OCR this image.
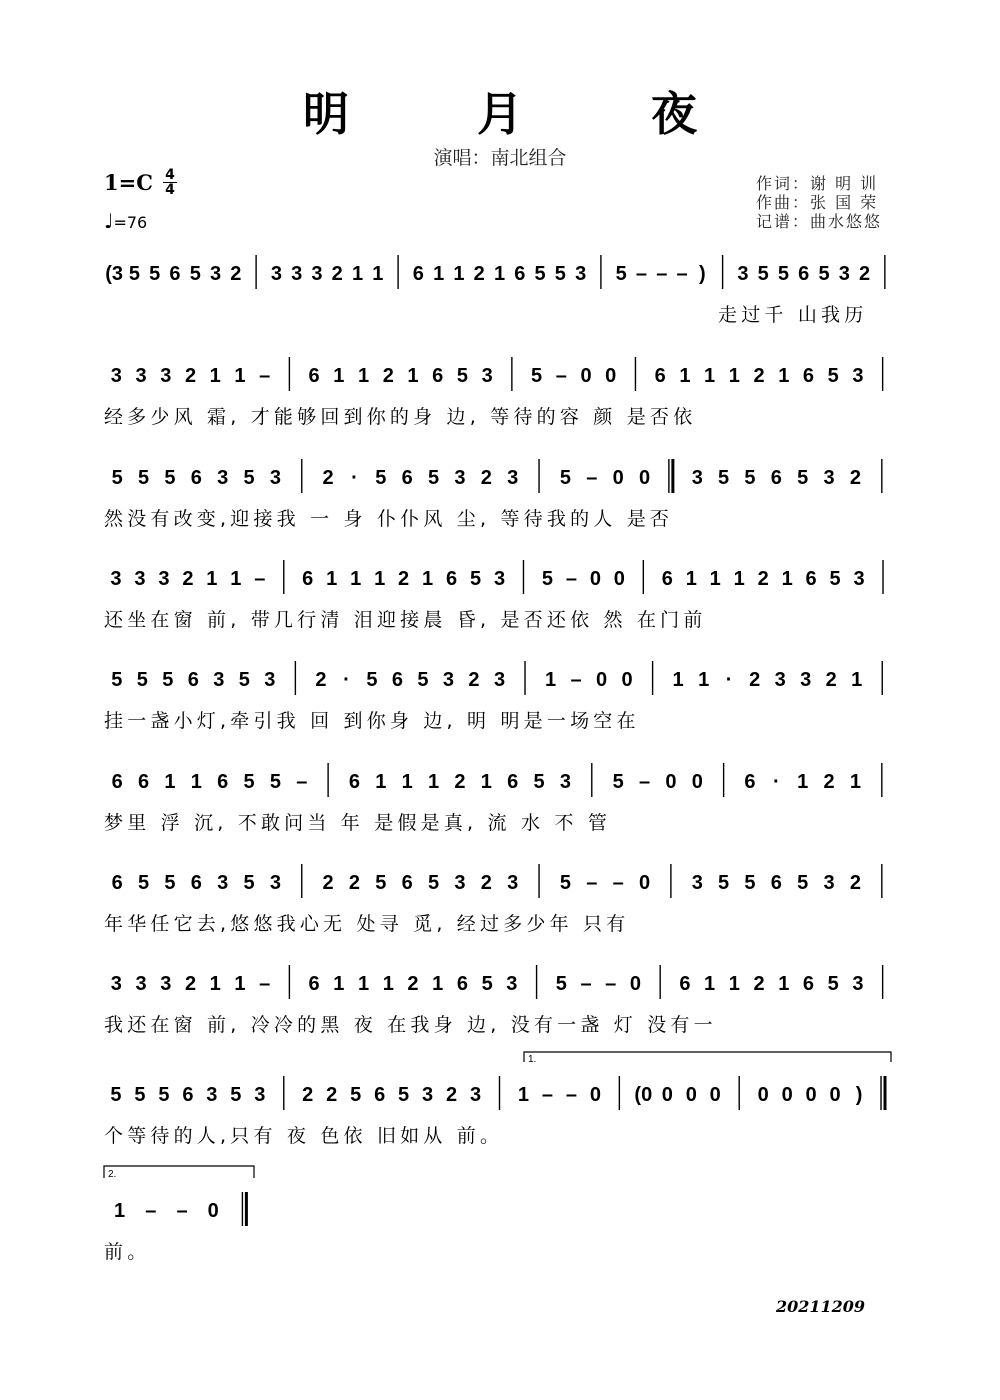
明 月 夜
演唱：南北组合
1=C 4
4
♩=76
作词：谢 明 训
作曲：张 国 荣
记谱：曲水悠悠
(3 5 5 6 5 3 2 3 3 3 2 1 1 6 1 1 2 1 6 5 5 3 5 – – – ) 3 5 5 6 5 3 2
3 3 3 2 1 1 – 6 1 1 2 1 6 5 3 5 – 0 0 6 1 1 1 2 1 6 5 3
5 5 5 6 3 5 3 2 · 5 6 5 3 2 3 5 – 0 0 3 5 5 6 5 3 2
3 3 3 2 1 1 – 6 1 1 1 2 1 6 5 3 5 – 0 0 6 1 1 1 2 1 6 5 3
5 5 5 6 3 5 3 2 · 5 6 5 3 2 3 1 – 0 0 1 1 · 2 3 3 2 1
6 6 1 1 6 5 5 – 6 1 1 1 2 1 6 5 3 5 – 0 0 6 · 1 2 1
6 5 5 6 3 5 3 2 2 5 6 5 3 2 3 5 – – 0 3 5 5 6 5 3 2
3 3 3 2 1 1 – 6 1 1 1 2 1 6 5 3 5 – – 0 6 1 1 2 1 6 5 3
5 5 5 6 3 5 3 2 2 5 6 5 3 2 3 1 – – 0 (0 0 0 0 0 0 0 0 )
1.
1 – – 0
2.
走过千 山我历
经多少风 霜, 才能够回到你的身 边, 等待的容 颜 是否依
然没有改变,迎接我 一 身 仆仆风 尘, 等待我的人 是否
还坐在窗 前, 带几行清 泪迎接晨 昏, 是否还依 然 在门前
挂一盏小灯,牵引我 回 到你身 边, 明 明是一场空在
梦里 浮 沉, 不敢问当 年 是假是真, 流 水 不 管
年华任它去,悠悠我心无 处寻 觅, 经过多少年 只有
我还在窗 前, 冷冷的黑 夜 在我身 边, 没有一盏 灯 没有一
个等待的人,只有 夜 色依 旧如从 前。
前。
20211209
